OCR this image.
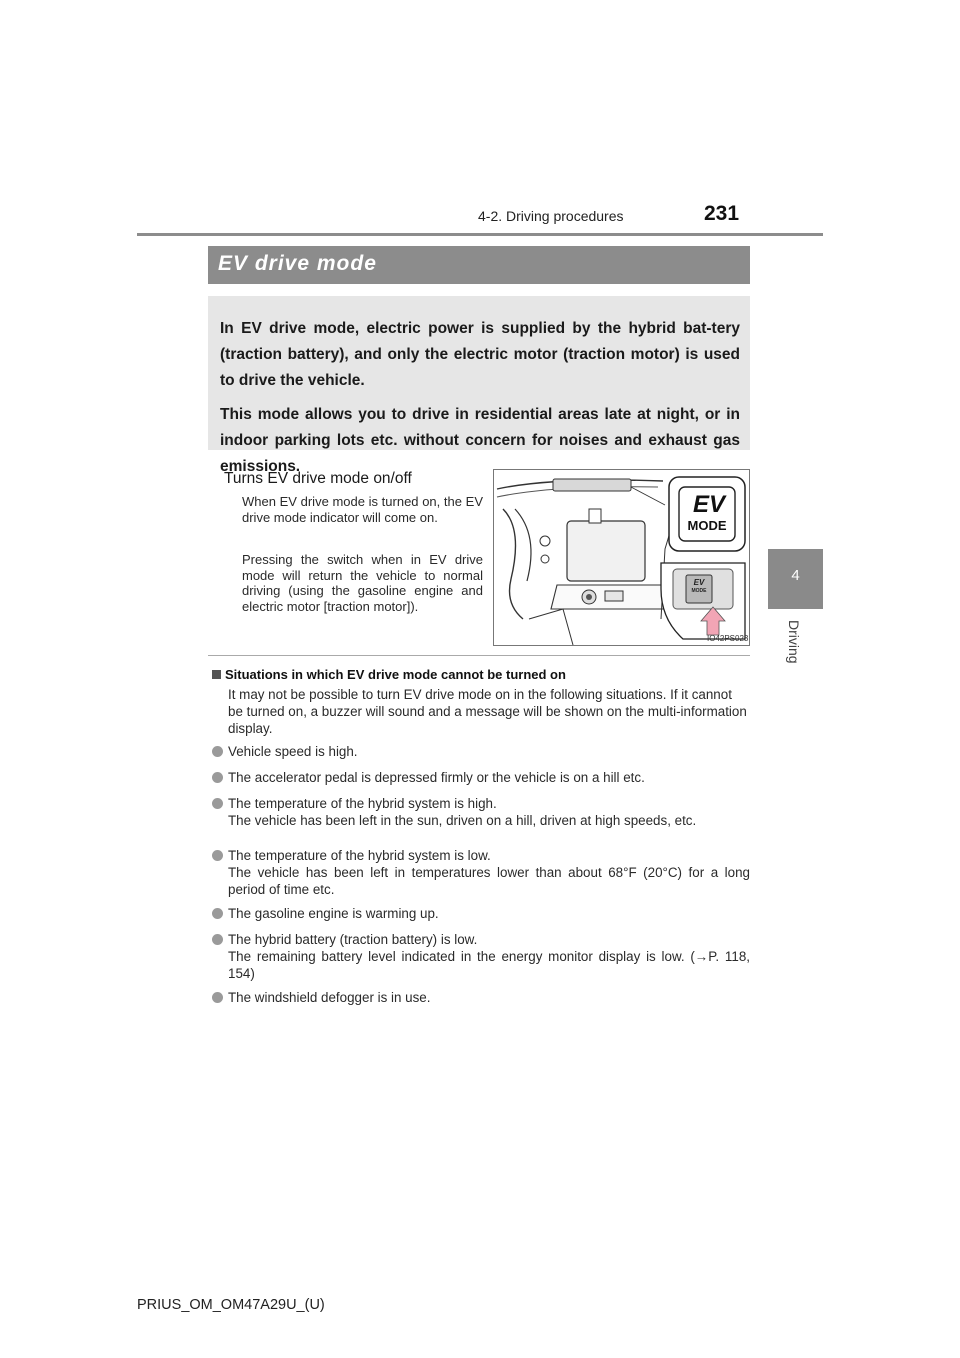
4-2. Driving procedures	231
4
Driving
EV drive mode

In EV drive mode, electric power is supplied by the hybrid bat-tery (traction battery), and only the electric motor (traction motor) is used to drive the vehicle.

This mode allows you to drive in residential areas late at night, or in indoor parking lots etc. without concern for noises and exhaust gas emissions.

Turns EV drive mode on/off

When EV drive mode is turned on, the EV drive mode indicator will come on.

Pressing the switch when in EV drive mode will return the vehicle to normal driving (using the gasoline engine and electric motor [traction motor]).

EV
MODE
EV
MODE
IO42PS023
Situations in which EV drive mode cannot be turned on

It may not be possible to turn EV drive mode on in the following situations. If it cannot be turned on, a buzzer will sound and a message will be shown on the multi-information display.

Vehicle speed is high.
The accelerator pedal is depressed firmly or the vehicle is on a hill etc.
The temperature of the hybrid system is high.
The vehicle has been left in the sun, driven on a hill, driven at high speeds, etc.
The temperature of the hybrid system is low.
The vehicle has been left in temperatures lower than about 68°F (20°C) for a long period of time etc.
The gasoline engine is warming up.
The hybrid battery (traction battery) is low.
The remaining battery level indicated in the energy monitor display is low. (→P. 118, 154)
The windshield defogger is in use.
PRIUS_OM_OM47A29U_(U)
